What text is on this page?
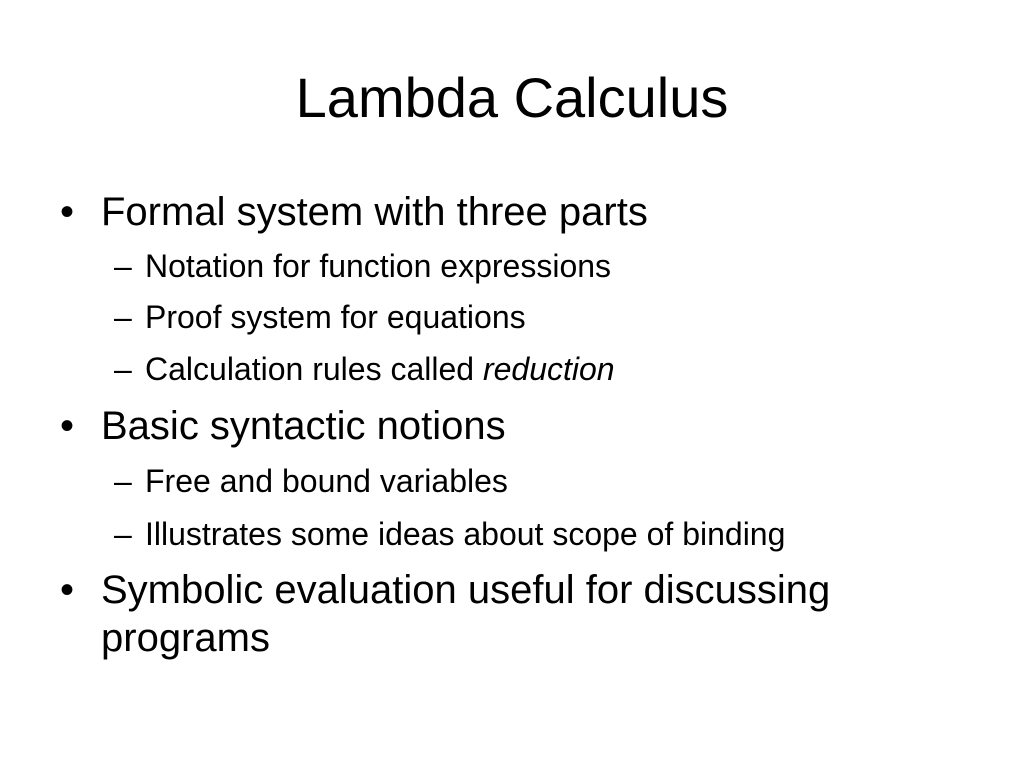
Lambda Calculus
• Formal system with three parts
– Notation for function expressions
– Proof system for equations
– Calculation rules called reduction
• Basic syntactic notions
– Free and bound variables
– Illustrates some ideas about scope of binding
• Symbolic evaluation useful for discussing programs
